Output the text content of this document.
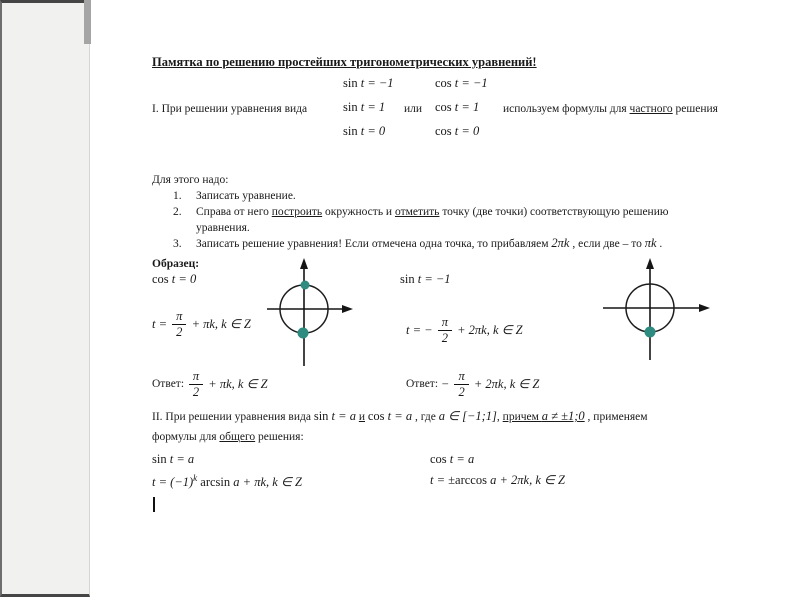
Памятка по решению простейших тригонометрических уравнений!
sin t = −1	cos t = −1
I. При решении уравнения вида	sin t = 1 или cos t = 1 используем формулы для частного решения
sin t = 0	cos t = 0
Для этого надо:
1. Записать уравнение.
2. Справа от него построить окружность и отметить точку (две точки) соответствующую решению
уравнения.
3. Записать решение уравнения! Если отмечена одна точка, то прибавляем 2πk , если две – то πk .
Образец:
cos t = 0	sin t = −1
$t = \frac{\pi}{2} + \pi k$, k ∈ Z	t = − $\frac{\pi}{2} + 2\pi k$, k ∈ Z
Ответ: $\frac{\pi}{2} + \pi k$, k ∈ Z	Ответ: − $\frac{\pi}{2} + 2\pi k$, k ∈ Z
II. При решении уравнения вида sin t = a и cos t = a , где a ∈ [−1;1], причем a ≠ ±1;0 , применяем
формулы для общего решения:
sin t = a	cos t = a
$t = (-1)^k$ arcsin a + πk, k ∈ Z	t = ±arccos a + 2πk, k ∈ Z
